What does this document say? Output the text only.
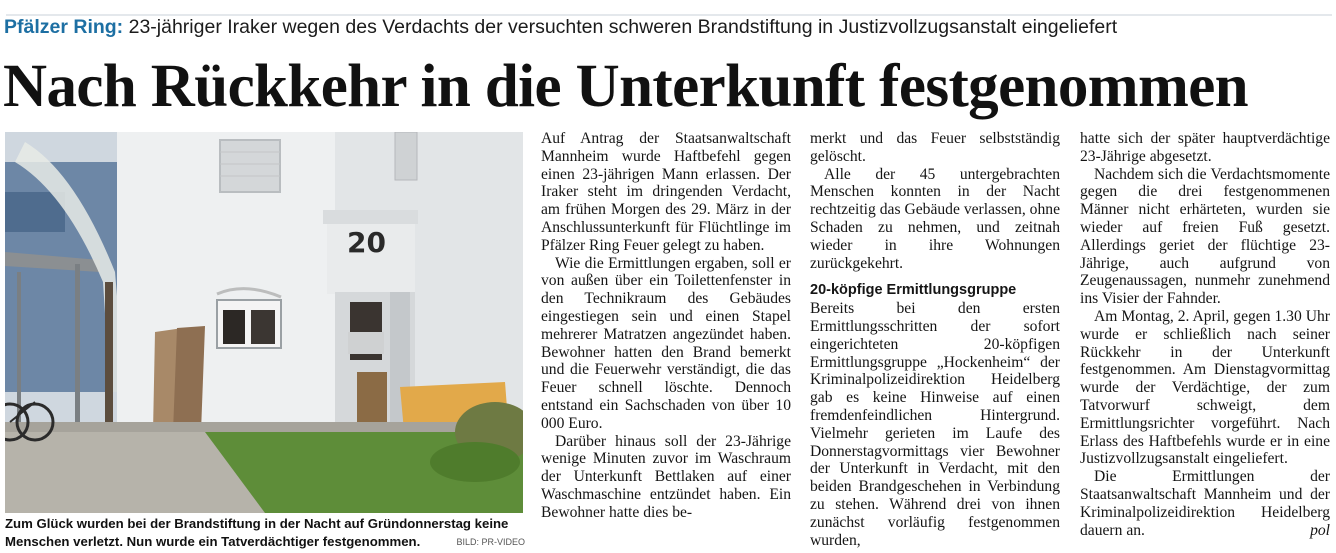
Pfälzer Ring: 23-jähriger Iraker wegen des Verdachts der versuchten schweren Brandstiftung in Justizvollzugsanstalt eingeliefert
Nach Rückkehr in die Unterkunft festgenommen
20
Zum Glück wurden bei der Brandstiftung in der Nacht auf Gründonnerstag keine Menschen verletzt. Nun wurde ein Tatverdächtiger festgenommen.	BILD: PR-VIDEO

Auf Antrag der Staatsanwaltschaft Mannheim wurde Haftbefehl gegen einen 23-jährigen Mann erlassen. Der Iraker steht im dringenden Verdacht, am frühen Morgen des 29. März in der Anschlussunterkunft für Flüchtlinge im Pfälzer Ring Feuer gelegt zu haben.

Wie die Ermittlungen ergaben, soll er von außen über ein Toilettenfenster in den Technikraum des Gebäudes eingestiegen sein und einen Stapel mehrerer Matratzen angezündet haben. Bewohner hatten den Brand bemerkt und die Feuerwehr verständigt, die das Feuer schnell löschte. Dennoch entstand ein Sachschaden von über 10 000 Euro.

Darüber hinaus soll der 23-Jährige wenige Minuten zuvor im Waschraum der Unterkunft Bettlaken auf einer Waschmaschine entzündet haben. Ein Bewohner hatte dies be-

merkt und das Feuer selbstständig gelöscht.

Alle der 45 untergebrachten Menschen konnten in der Nacht rechtzeitig das Gebäude verlassen, ohne Schaden zu nehmen, und zeitnah wieder in ihre Wohnungen zurückgekehrt.

20-köpfige Ermittlungsgruppe

Bereits bei den ersten Ermittlungsschritten der sofort eingerichteten 20-köpfigen Ermittlungsgruppe „Hockenheim“ der Kriminalpolizeidirektion Heidelberg gab es keine Hinweise auf einen fremdenfeindlichen Hintergrund. Vielmehr gerieten im Laufe des Donnerstagvormittags vier Bewohner der Unterkunft in Verdacht, mit den beiden Brandgeschehen in Verbindung zu stehen. Während drei von ihnen zunächst vorläufig festgenommen wurden,

hatte sich der später hauptverdächtige 23-Jährige abgesetzt.

Nachdem sich die Verdachtsmomente gegen die drei festgenommenen Männer nicht erhärteten, wurden sie wieder auf freien Fuß gesetzt. Allerdings geriet der flüchtige 23-Jährige, auch aufgrund von Zeugenaussagen, nunmehr zunehmend ins Visier der Fahnder.

Am Montag, 2. April, gegen 1.30 Uhr wurde er schließlich nach seiner Rückkehr in der Unterkunft festgenommen. Am Dienstagvormittag wurde der Verdächtige, der zum Tatvorwurf schweigt, dem Ermittlungsrichter vorgeführt. Nach Erlass des Haftbefehls wurde er in eine Justizvollzugsanstalt eingeliefert.

Die Ermittlungen der Staatsanwaltschaft Mannheim und der Kriminalpolizeidirektion Heidelberg dauern an.	pol
